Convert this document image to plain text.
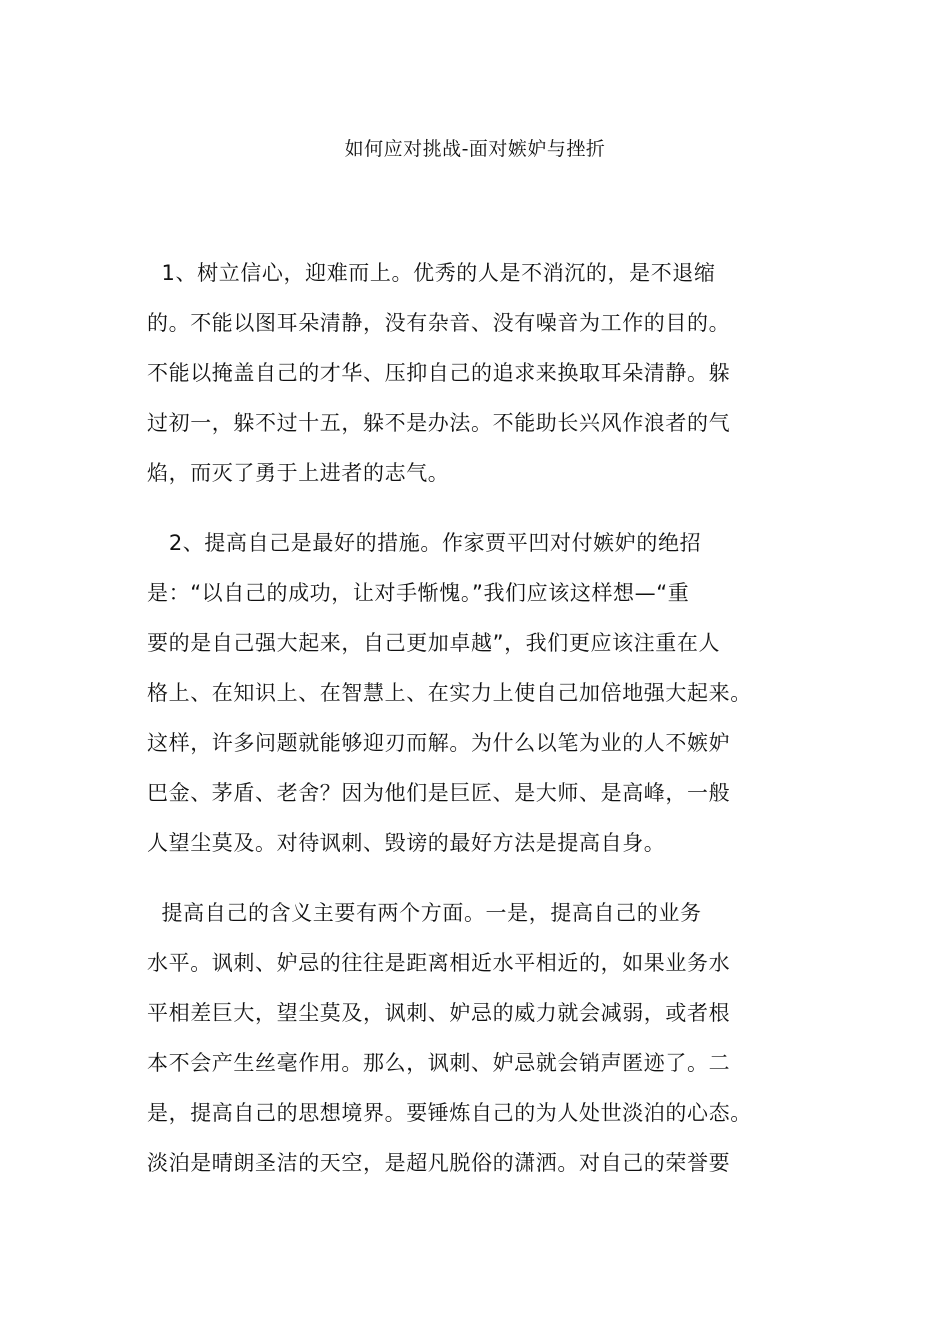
如何应对挑战-面对嫉妒与挫折

1、树立信心，迎难而上。优秀的人是不消沉的，是不退缩
的。不能以图耳朵清静，没有杂音、没有噪音为工作的目的。
不能以掩盖自己的才华、压抑自己的追求来换取耳朵清静。躲
过初一，躲不过十五，躲不是办法。不能助长兴风作浪者的气
焰，而灭了勇于上进者的志气。

2、提高自己是最好的措施。作家贾平凹对付嫉妒的绝招
是：“以自己的成功，让对手惭愧。”我们应该这样想—“重
要的是自己强大起来，自己更加卓越”，我们更应该注重在人
格上、在知识上、在智慧上、在实力上使自己加倍地强大起来。
这样，许多问题就能够迎刃而解。为什么以笔为业的人不嫉妒
巴金、茅盾、老舍？因为他们是巨匠、是大师、是高峰，一般
人望尘莫及。对待讽刺、毁谤的最好方法是提高自身。

提高自己的含义主要有两个方面。一是，提高自己的业务
水平。讽刺、妒忌的往往是距离相近水平相近的，如果业务水
平相差巨大，望尘莫及，讽刺、妒忌的威力就会减弱，或者根
本不会产生丝毫作用。那么，讽刺、妒忌就会销声匿迹了。二
是，提高自己的思想境界。要锤炼自己的为人处世淡泊的心态。
淡泊是晴朗圣洁的天空，是超凡脱俗的潇洒。对自己的荣誉要
